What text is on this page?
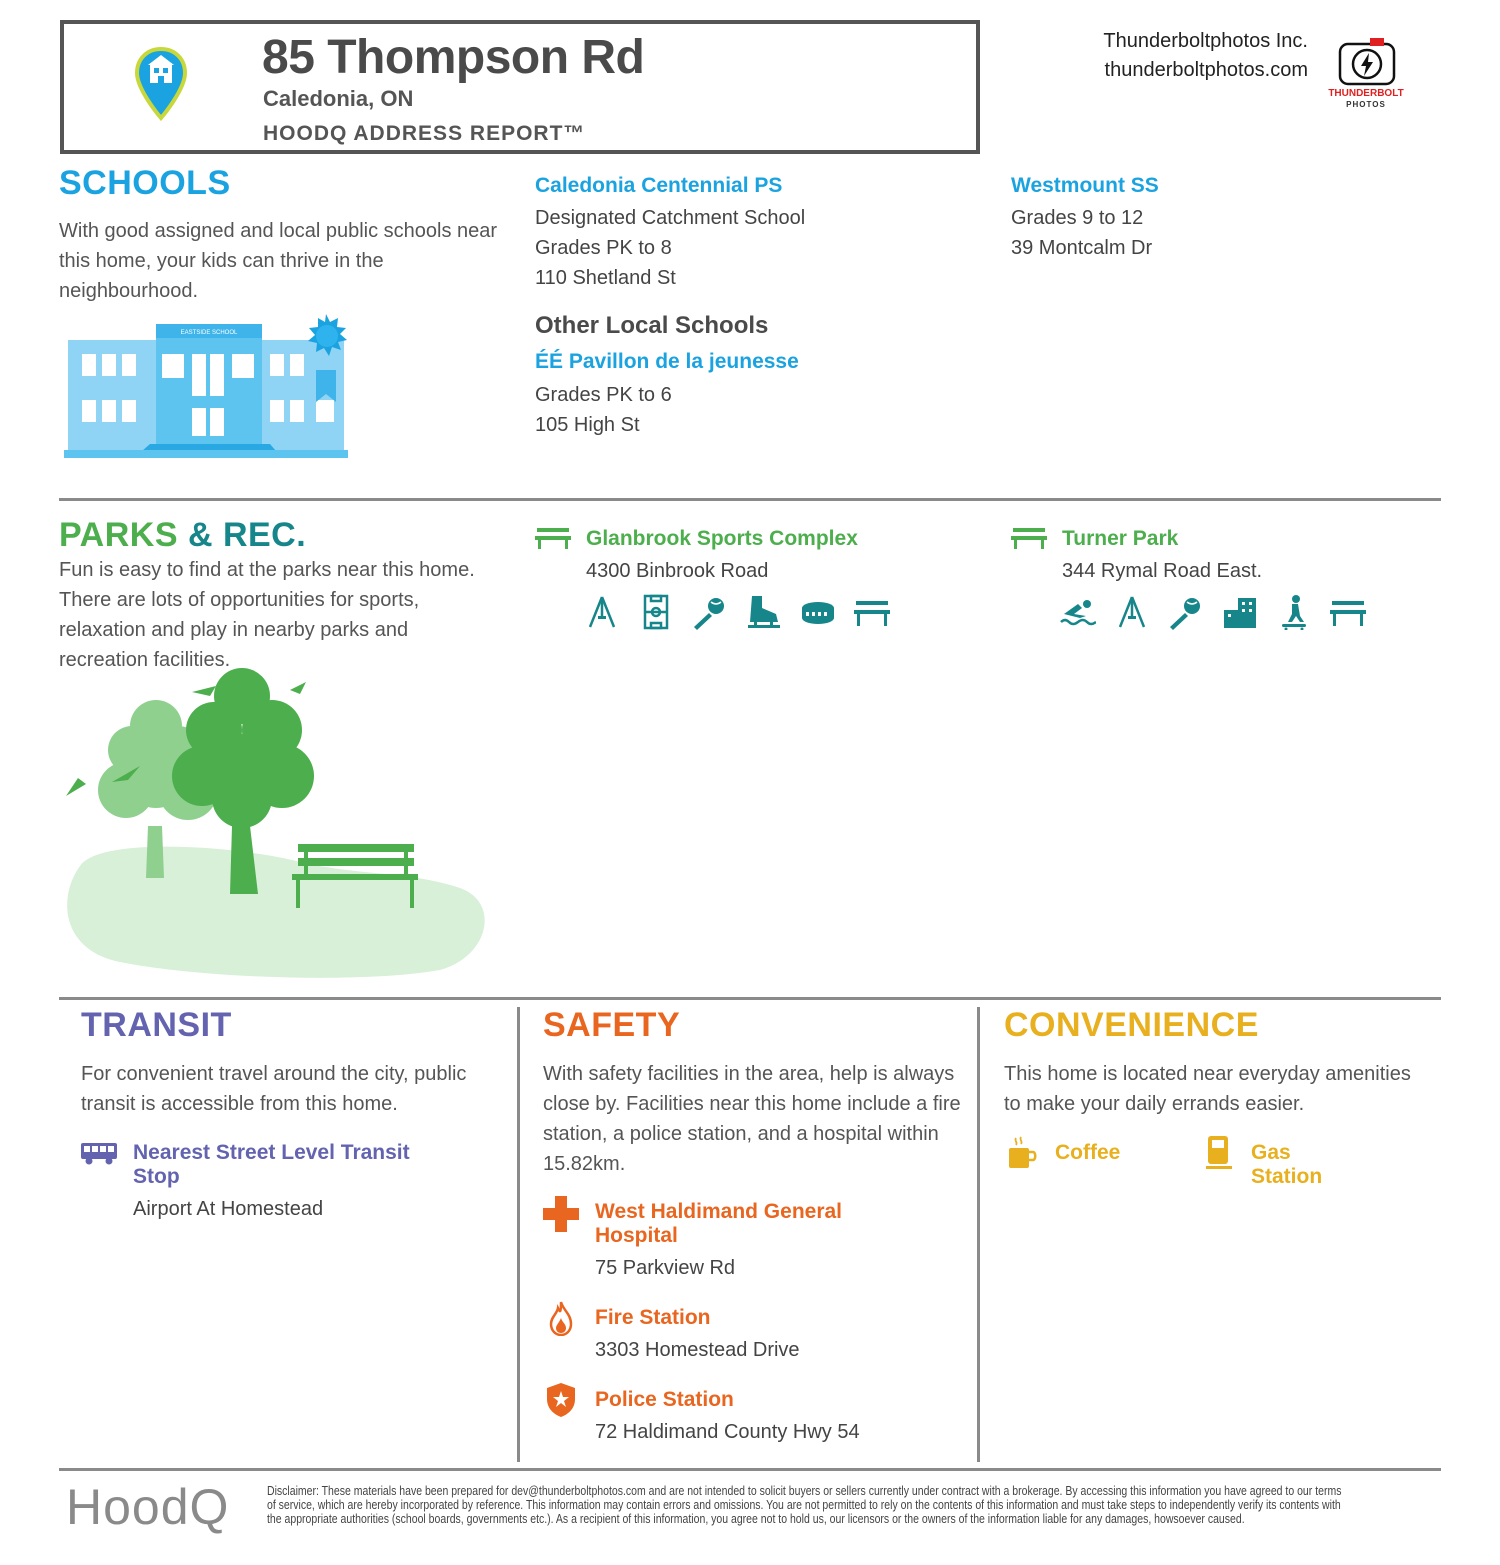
85 Thompson Rd
Caledonia, ON
HOODQ ADDRESS REPORT™
Thunderboltphotos Inc.
thunderboltphotos.com
THUNDERBOLT
PHOTOS
SCHOOLS
With good assigned and local public schools near this home, your kids can thrive in the neighbourhood.
EASTSIDE SCHOOL
Caledonia Centennial PS
Designated Catchment School
Grades PK to 8
110 Shetland St
Other Local Schools
ÉÉ Pavillon de la jeunesse
Grades PK to 6
105 High St
Westmount SS
Grades 9 to 12
39 Montcalm Dr
PARKS & REC.
Fun is easy to find at the parks near this home. There are lots of opportunities for sports, relaxation and play in nearby parks and recreation facilities.
Glanbrook Sports Complex
4300 Binbrook Road
Turner Park
344 Rymal Road East.
TRANSIT
For convenient travel around the city, public transit is accessible from this home.
Nearest Street Level Transit
Stop
Airport At Homestead
SAFETY
With safety facilities in the area, help is always close by. Facilities near this home include a fire station, a police station, and a hospital within 15.82km.
West Haldimand General
Hospital
75 Parkview Rd
Fire Station
3303 Homestead Drive
Police Station
72 Haldimand County Hwy 54
CONVENIENCE
This home is located near everyday amenities to make your daily errands easier.
Coffee	Gas
Station
HoodQ	Disclaimer: These materials have been prepared for dev@thunderboltphotos.com and are not intended to solicit buyers or sellers currently under contract with a brokerage. By accessing this information you have agreed to our terms
of service, which are hereby incorporated by reference. This information may contain errors and omissions. You are not permitted to rely on the contents of this information and must take steps to independently verify its contents with
the appropriate authorities (school boards, governments etc.). As a recipient of this information, you agree not to hold us, our licensors or the owners of the information liable for any damages, howsoever caused.
